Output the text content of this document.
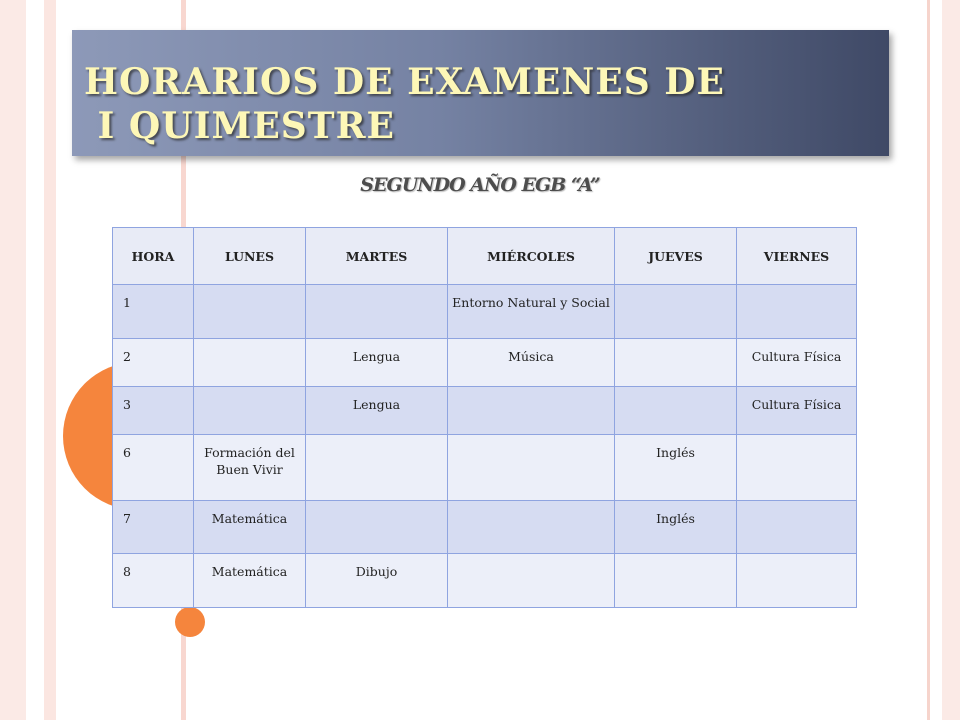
HORARIOS DE EXAMENES DE
I QUIMESTRE
SEGUNDO AÑO EGB “A”
HORA	LUNES	MARTES	MIÉRCOLES	JUEVES	VIERNES
1			Entorno Natural y Social		
2		Lengua	Música		Cultura Física
3		Lengua			Cultura Física
6	Formación del Buen Vivir			Inglés	
7	Matemática			Inglés	
8	Matemática	Dibujo			
